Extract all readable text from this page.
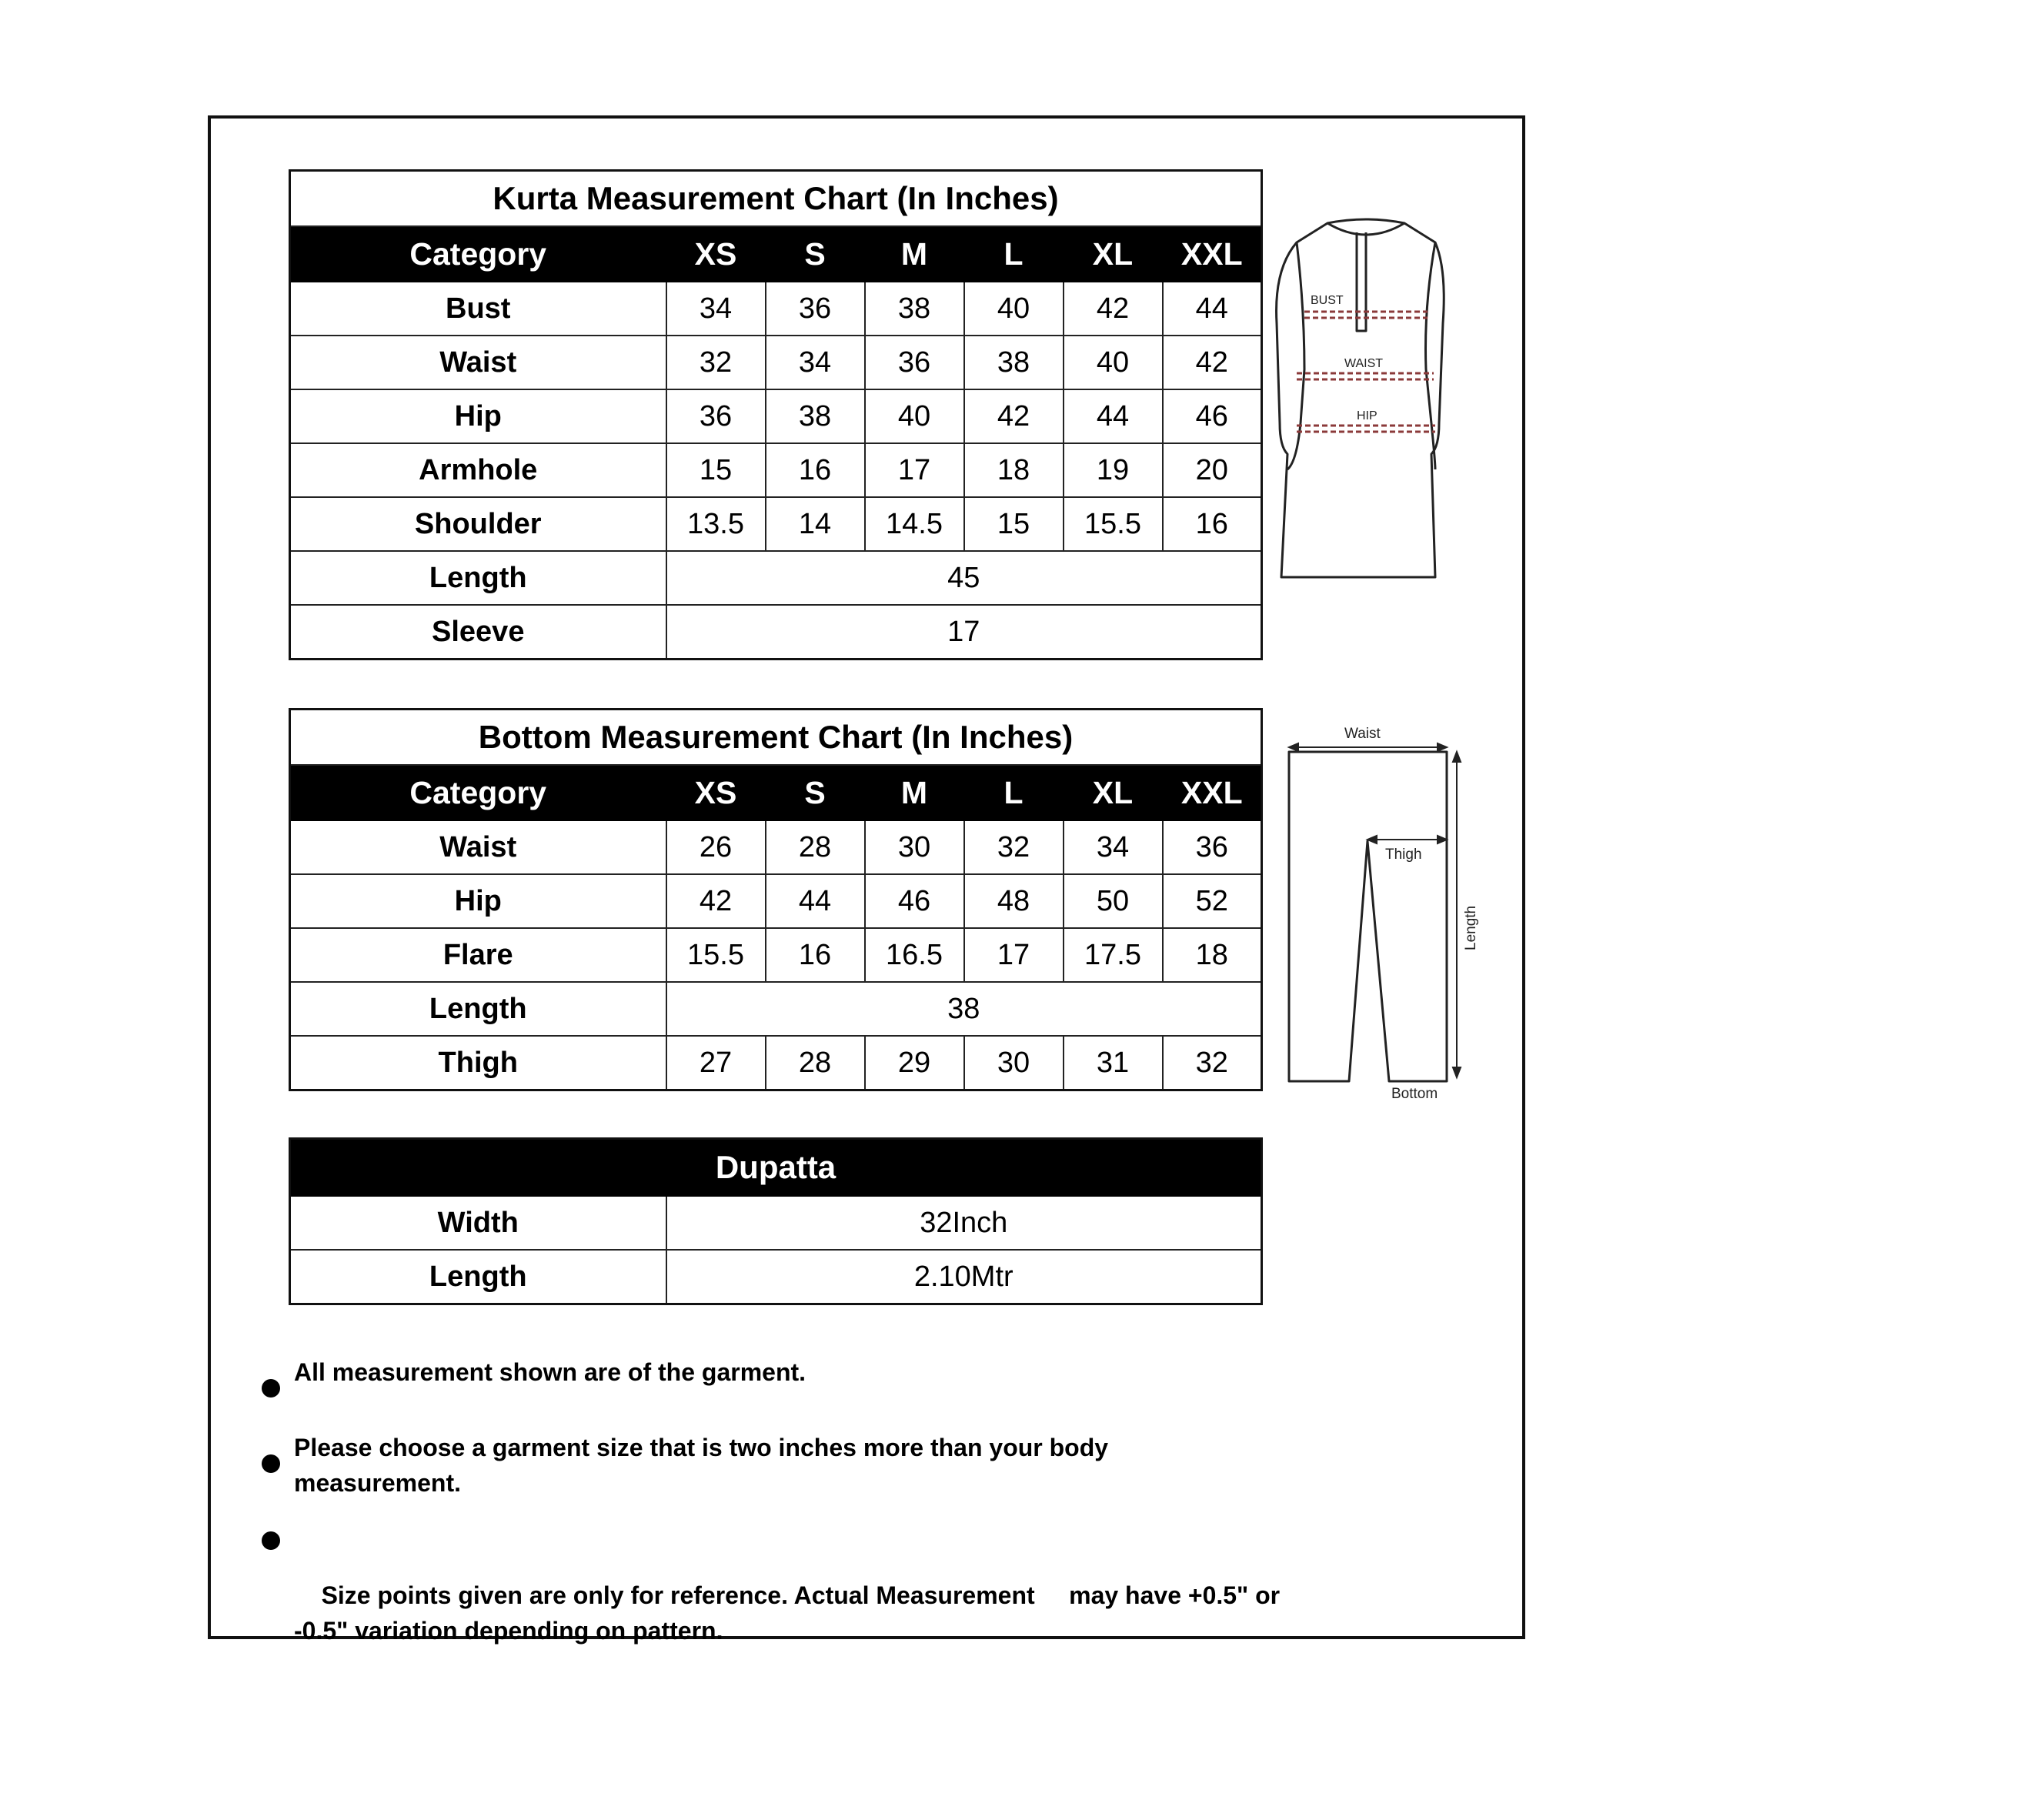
Kurta Measurement Chart (In Inches)						
Category	XS	S	M	L	XL	XXL
Bust	34	36	38	40	42	44
Waist	32	34	36	38	40	42
Hip	36	38	40	42	44	46
Armhole	15	16	17	18	19	20
Shoulder	13.5	14	14.5	15	15.5	16
Length	45					
Sleeve	17					
BUST
WAIST
HIP
Bottom Measurement Chart (In Inches)						
Category	XS	S	M	L	XL	XXL
Waist	26	28	30	32	34	36
Hip	42	44	46	48	50	52
Flare	15.5	16	16.5	17	17.5	18
Length	38					
Thigh	27	28	29	30	31	32
Waist
Thigh
Length
Bottom
Dupatta	
Width	32Inch
Length	2.10Mtr
All measurement shown are of the garment.
Please choose a garment size that is two inches more than your body measurement.

Size points given are only for reference. Actual Measurement     may have +0.5" or -0.5" variation depending on pattern.
